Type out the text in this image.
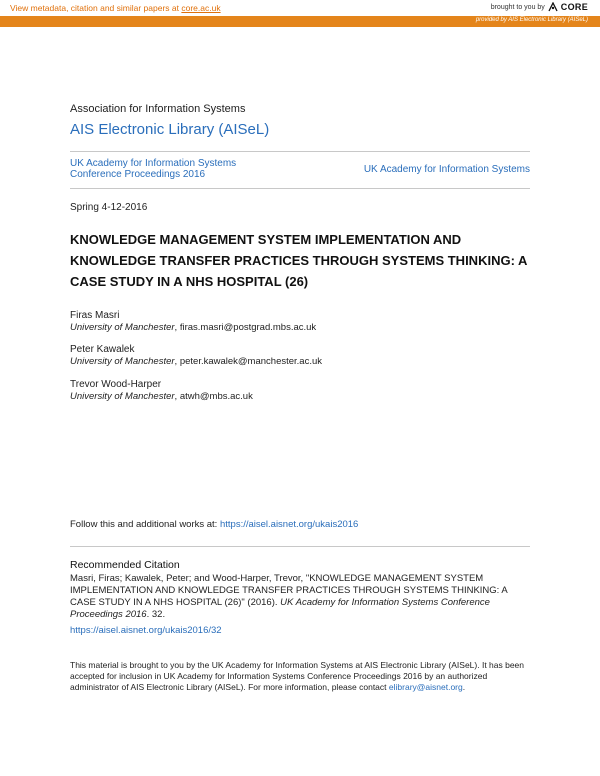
View metadata, citation and similar papers at core.ac.uk	brought to you by CORE
provided by AIS Electronic Library (AISeL)
Association for Information Systems
AIS Electronic Library (AISeL)
UK Academy for Information Systems Conference Proceedings 2016	UK Academy for Information Systems
Spring 4-12-2016
KNOWLEDGE MANAGEMENT SYSTEM IMPLEMENTATION AND KNOWLEDGE TRANSFER PRACTICES THROUGH SYSTEMS THINKING: A CASE STUDY IN A NHS HOSPITAL (26)
Firas Masri
University of Manchester, firas.masri@postgrad.mbs.ac.uk
Peter Kawalek
University of Manchester, peter.kawalek@manchester.ac.uk
Trevor Wood-Harper
University of Manchester, atwh@mbs.ac.uk
Follow this and additional works at: https://aisel.aisnet.org/ukais2016
Recommended Citation

Masri, Firas; Kawalek, Peter; and Wood-Harper, Trevor, "KNOWLEDGE MANAGEMENT SYSTEM IMPLEMENTATION AND KNOWLEDGE TRANSFER PRACTICES THROUGH SYSTEMS THINKING: A CASE STUDY IN A NHS HOSPITAL (26)" (2016). UK Academy for Information Systems Conference Proceedings 2016. 32.

https://aisel.aisnet.org/ukais2016/32

This material is brought to you by the UK Academy for Information Systems at AIS Electronic Library (AISeL). It has been accepted for inclusion in UK Academy for Information Systems Conference Proceedings 2016 by an authorized administrator of AIS Electronic Library (AISeL). For more information, please contact elibrary@aisnet.org.
